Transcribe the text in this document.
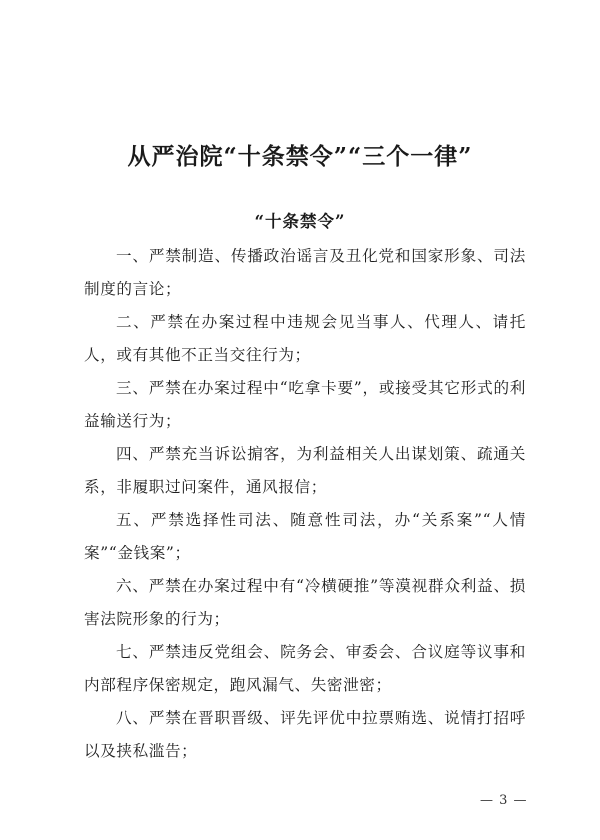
从严治院“十条禁令”“三个一律”
“十条禁令”
一、严禁制造、传播政治谣言及丑化党和国家形象、司法制度的言论；
二、严禁在办案过程中违规会见当事人、代理人、请托人，或有其他不正当交往行为；
三、严禁在办案过程中“吃拿卡要”，或接受其它形式的利益输送行为；
四、严禁充当诉讼掮客，为利益相关人出谋划策、疏通关系，非履职过问案件，通风报信；
五、严禁选择性司法、随意性司法，办“关系案”“人情案”“金钱案”；
六、严禁在办案过程中有“冷横硬推”等漠视群众利益、损害法院形象的行为；
七、严禁违反党组会、院务会、审委会、合议庭等议事和内部程序保密规定，跑风漏气、失密泄密；
八、严禁在晋职晋级、评先评优中拉票贿选、说情打招呼以及挟私滥告；
— 3 —
